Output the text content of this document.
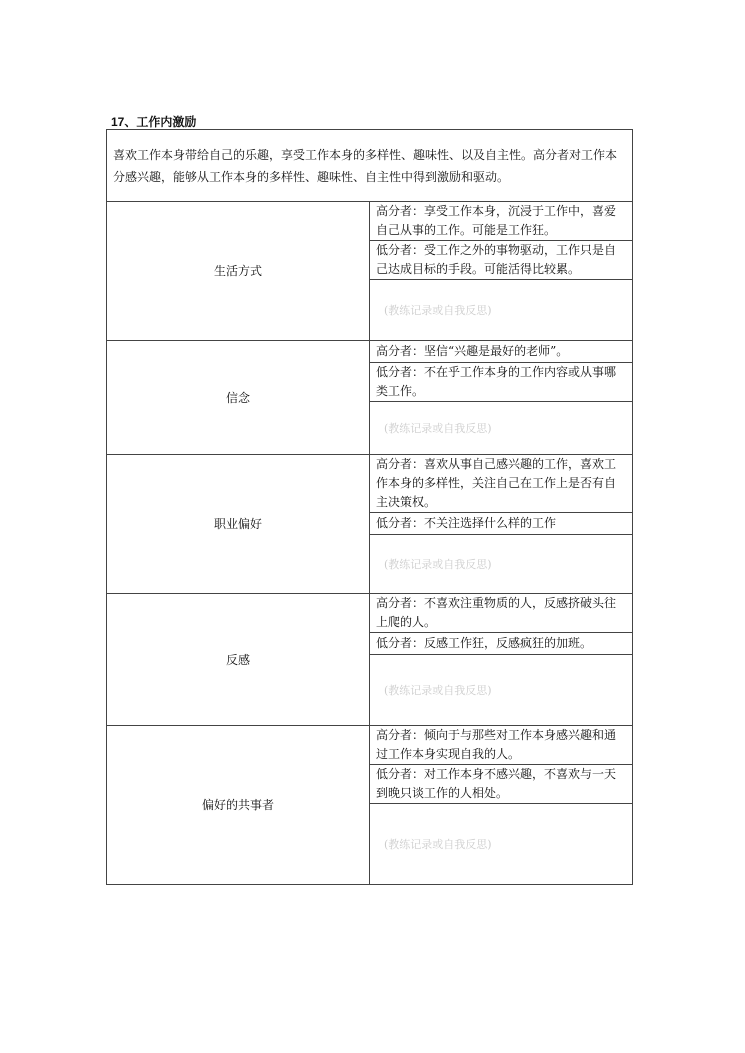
17、工作内激励
喜欢工作本身带给自己的乐趣，享受工作本身的多样性、趣味性、以及自主性。高分者对工作本分感兴趣，能够从工作本身的多样性、趣味性、自主性中得到激励和驱动。	
生活方式	高分者：享受工作本身，沉浸于工作中，喜爱自己从事的工作。可能是工作狂。
	低分者：受工作之外的事物驱动，工作只是自己达成目标的手段。可能活得比较累。
	(教练记录或自我反思)
信念	高分者：坚信“兴趣是最好的老师”。
	低分者：不在乎工作本身的工作内容或从事哪类工作。
	(教练记录或自我反思)
职业偏好	高分者：喜欢从事自己感兴趣的工作，喜欢工作本身的多样性，关注自己在工作上是否有自主决策权。
	低分者：不关注选择什么样的工作
	(教练记录或自我反思)
反感	高分者：不喜欢注重物质的人，反感挤破头往上爬的人。
	低分者：反感工作狂，反感疯狂的加班。
	(教练记录或自我反思)
偏好的共事者	高分者：倾向于与那些对工作本身感兴趣和通过工作本身实现自我的人。
	低分者：对工作本身不感兴趣，不喜欢与一天到晚只谈工作的人相处。
	(教练记录或自我反思)
